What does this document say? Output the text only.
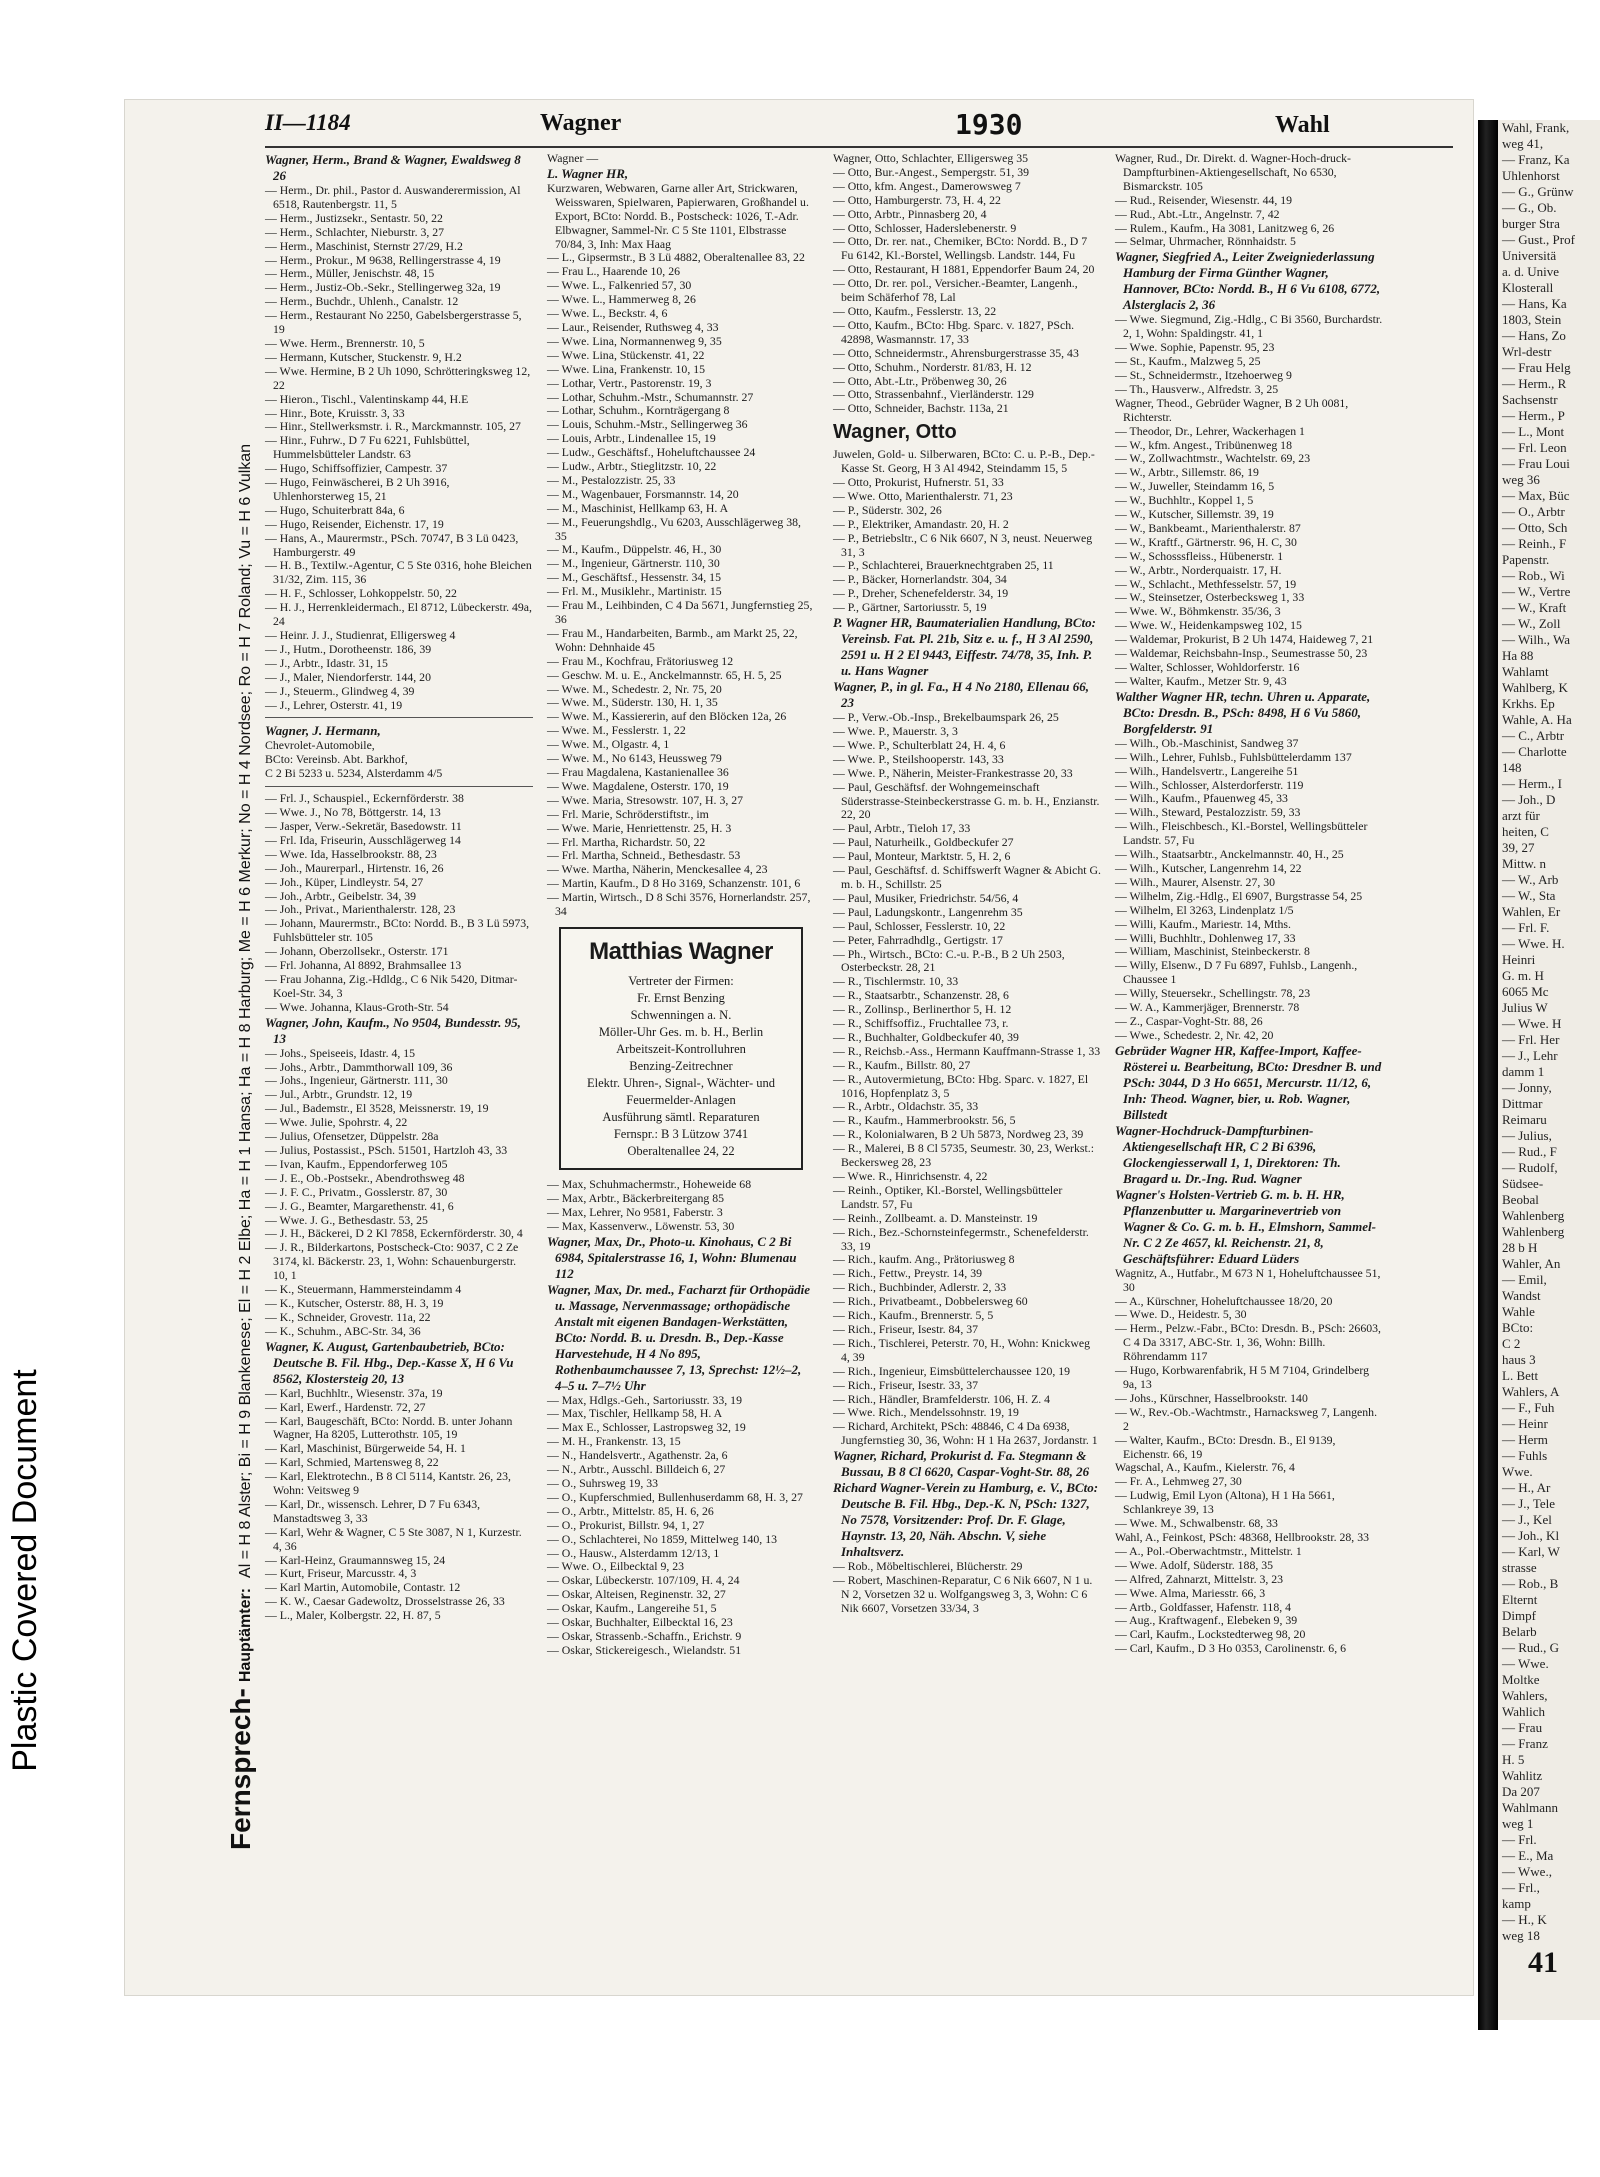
Plastic Covered Document
II—1184	Wagner	1930	Wahl
Fernsprech-Hauptämter:Al = H 8 Alster; Bi = H 9 Blankenese; El = H 2 Elbe; Ha = H 1 Hansa; Ha = H 8 Harburg; Me = H 6 Merkur; No = H 4 Nordsee; Ro = H 7 Roland; Vu = H 6 Vulkan

Wagner, Herm., Brand & Wagner, Ewaldsweg 8 26

— Herm., Dr. phil., Pastor d. Auswanderermission, Al 6518, Rautenbergstr. 11, 5

— Herm., Justizsekr., Sentastr. 50, 22

— Herm., Schlachter, Nieburstr. 3, 27

— Herm., Maschinist, Sternstr 27/29, H.2

— Herm., Prokur., M 9638, Rellingerstrasse 4, 19

— Herm., Müller, Jenischstr. 48, 15

— Herm., Justiz-Ob.-Sekr., Stellingerweg 32a, 19

— Herm., Buchdr., Uhlenh., Canalstr. 12

— Herm., Restaurant No 2250, Gabelsbergerstrasse 5, 19

— Wwe. Herm., Brennerstr. 10, 5

— Hermann, Kutscher, Stuckenstr. 9, H.2

— Wwe. Hermine, B 2 Uh 1090, Schrötteringksweg 12, 22

— Hieron., Tischl., Valentinskamp 44, H.E

— Hinr., Bote, Kruisstr. 3, 33

— Hinr., Stellwerksmstr. i. R., Marckmannstr. 105, 27

— Hinr., Fuhrw., D 7 Fu 6221, Fuhlsbüttel, Hummelsbütteler Landstr. 63

— Hugo, Schiffsoffizier, Campestr. 37

— Hugo, Feinwäscherei, B 2 Uh 3916, Uhlenhorsterweg 15, 21

— Hugo, Schuiterbratt 84a, 6

— Hugo, Reisender, Eichenstr. 17, 19

— Hans, A., Maurermstr., PSch. 70747, B 3 Lü 0423, Hamburgerstr. 49

— H. B., Textilw.-Agentur, C 5 Ste 0316, hohe Bleichen 31/32, Zim. 115, 36

— H. F., Schlosser, Lohkoppelstr. 50, 22

— H. J., Herrenkleidermach., El 8712, Lübeckerstr. 49a, 24

— Heinr. J. J., Studienrat, Elligersweg 4

— J., Hutm., Dorotheenstr. 186, 39

— J., Arbtr., Idastr. 31, 15

— J., Maler, Niendorferstr. 144, 20

— J., Steuerm., Glindweg 4, 39

— J., Lehrer, Osterstr. 41, 19

Wagner, J. Hermann,

Chevrolet-Automobile,

BCto: Vereinsb. Abt. Barkhof,

C 2 Bi 5233 u. 5234, Alsterdamm 4/5

— Frl. J., Schauspiel., Eckernförderstr. 38

— Wwe. J., No 78, Böttgerstr. 14, 13

— Jasper, Verw.-Sekretär, Basedowstr. 11

— Frl. Ida, Friseurin, Ausschlägerweg 14

— Wwe. Ida, Hasselbrookstr. 88, 23

— Joh., Maurerparl., Hirtenstr. 16, 26

— Joh., Küper, Lindleystr. 54, 27

— Joh., Arbtr., Geibelstr. 34, 39

— Joh., Privat., Marienthalerstr. 128, 23

— Johann, Maurermstr., BCto: Nordd. B., B 3 Lü 5973, Fuhlsbütteler str. 105

— Johann, Oberzollsekr., Osterstr. 171

— Frl. Johanna, Al 8892, Brahmsallee 13

— Frau Johanna, Zig.-Hdldg., C 6 Nik 5420, Ditmar-Koel-Str. 34, 3

— Wwe. Johanna, Klaus-Groth-Str. 54

Wagner, John, Kaufm., No 9504, Bundesstr. 95, 13

— Johs., Speiseeis, Idastr. 4, 15

— Johs., Arbtr., Dammthorwall 109, 36

— Johs., Ingenieur, Gärtnerstr. 111, 30

— Jul., Arbtr., Grundstr. 12, 19

— Jul., Bademstr., El 3528, Meissnerstr. 19, 19

— Wwe. Julie, Spohrstr. 4, 22

— Julius, Ofensetzer, Düppelstr. 28a

— Julius, Postassist., PSch. 51501, Hartzloh 43, 33

— Ivan, Kaufm., Eppendorferweg 105

— J. E., Ob.-Postsekr., Abendrothsweg 48

— J. F. C., Privatm., Gosslerstr. 87, 30

— J. G., Beamter, Margarethenstr. 41, 6

— Wwe. J. G., Bethesdastr. 53, 25

— J. H., Bäckerei, D 2 Kl 7858, Eckernförderstr. 30, 4

— J. R., Bilderkartons, Postscheck-Cto: 9037, C 2 Ze 3174, kl. Bäckerstr. 23, 1, Wohn: Schauenburgerstr. 10, 1

— K., Steuermann, Hammersteindamm 4

— K., Kutscher, Osterstr. 88, H. 3, 19

— K., Schneider, Grovestr. 11a, 22

— K., Schuhm., ABC-Str. 34, 36

Wagner, K. August, Gartenbaubetrieb, BCto: Deutsche B. Fil. Hbg., Dep.-Kasse X, H 6 Vu 8562, Klostersteig 20, 13

— Karl, Buchhltr., Wiesenstr. 37a, 19

— Karl, Ewerf., Hardenstr. 72, 27

— Karl, Baugeschäft, BCto: Nordd. B. unter Johann Wagner, Ha 8205, Lutterothstr. 105, 19

— Karl, Maschinist, Bürgerweide 54, H. 1

— Karl, Schmied, Martensweg 8, 22

— Karl, Elektrotechn., B 8 Cl 5114, Kantstr. 26, 23, Wohn: Veitsweg 9

— Karl, Dr., wissensch. Lehrer, D 7 Fu 6343, Manstadtsweg 3, 33

— Karl, Wehr & Wagner, C 5 Ste 3087, N 1, Kurzestr. 4, 36

— Karl-Heinz, Graumannsweg 15, 24

— Kurt, Friseur, Marcusstr. 4, 3

— Karl Martin, Automobile, Contastr. 12

— K. W., Caesar Gadewoltz, Drosselstrasse 26, 33

— L., Maler, Kolbergstr. 22, H. 87, 5

Wagner —

L. Wagner HR,

Kurzwaren, Webwaren, Garne aller Art, Strickwaren, Weisswaren, Spielwaren, Papierwaren, Großhandel u. Export, BCto: Nordd. B., Postscheck: 1026, T.-Adr. Elbwagner, Sammel-Nr. C 5 Ste 1101, Elbstrasse 70/84, 3, Inh: Max Haag

— L., Gipsermstr., B 3 Lü 4882, Oberaltenallee 83, 22

— Frau L., Haarende 10, 26

— Wwe. L., Falkenried 57, 30

— Wwe. L., Hammerweg 8, 26

— Wwe. L., Beckstr. 4, 6

— Laur., Reisender, Ruthsweg 4, 33

— Wwe. Lina, Normannenweg 9, 35

— Wwe. Lina, Stückenstr. 41, 22

— Wwe. Lina, Frankenstr. 10, 15

— Lothar, Vertr., Pastorenstr. 19, 3

— Lothar, Schuhm.-Mstr., Schumannstr. 27

— Lothar, Schuhm., Kornträgergang 8

— Louis, Schuhm.-Mstr., Sellingerweg 36

— Louis, Arbtr., Lindenallee 15, 19

— Ludw., Geschäftsf., Hoheluftchaussee 24

— Ludw., Arbtr., Stieglitzstr. 10, 22

— M., Pestalozzistr. 25, 33

— M., Wagenbauer, Forsmannstr. 14, 20

— M., Maschinist, Hellkamp 63, H. A

— M., Feuerungshdlg., Vu 6203, Ausschlägerweg 38, 35

— M., Kaufm., Düppelstr. 46, H., 30

— M., Ingenieur, Gärtnerstr. 110, 30

— M., Geschäftsf., Hessenstr. 34, 15

— Frl. M., Musiklehr., Martinistr. 15

— Frau M., Leihbinden, C 4 Da 5671, Jungfernstieg 25, 36

— Frau M., Handarbeiten, Barmb., am Markt 25, 22, Wohn: Dehnhaide 45

— Frau M., Kochfrau, Frätoriusweg 12

— Geschw. M. u. E., Anckelmannstr. 65, H. 5, 25

— Wwe. M., Schedestr. 2, Nr. 75, 20

— Wwe. M., Süderstr. 130, H. 1, 35

— Wwe. M., Kassiererin, auf den Blöcken 12a, 26

— Wwe. M., Fesslerstr. 1, 22

— Wwe. M., Olgastr. 4, 1

— Wwe. M., No 6143, Heussweg 79

— Frau Magdalena, Kastanienallee 36

— Wwe. Magdalene, Osterstr. 170, 19

— Wwe. Maria, Stresowstr. 107, H. 3, 27

— Frl. Marie, Schröderstiftstr., im

— Wwe. Marie, Henriettenstr. 25, H. 3

— Frl. Martha, Richardstr. 50, 22

— Frl. Martha, Schneid., Bethesdastr. 53

— Wwe. Martha, Näherin, Menckesallee 4, 23

— Martin, Kaufm., D 8 Ho 3169, Schanzenstr. 101, 6

— Martin, Wirtsch., D 8 Schi 3576, Hornerlandstr. 257, 34

Matthias Wagner
Vertreter der Firmen:
Fr. Ernst Benzing
Schwenningen a. N.
Möller-Uhr Ges. m. b. H., Berlin
Arbeitszeit-Kontrolluhren
Benzing-Zeitrechner
Elektr. Uhren-, Signal-, Wächter- und Feuermelder-Anlagen
Ausführung sämtl. Reparaturen
Fernspr.: B 3 Lützow 3741
Oberaltenallee 24, 22

— Max, Schuhmachermstr., Hoheweide 68

— Max, Arbtr., Bäckerbreitergang 85

— Max, Lehrer, No 9581, Faberstr. 3

— Max, Kassenverw., Löwenstr. 53, 30

Wagner, Max, Dr., Photo-u. Kinohaus, C 2 Bi 6984, Spitalerstrasse 16, 1, Wohn: Blumenau 112

Wagner, Max, Dr. med., Facharzt für Orthopädie u. Massage, Nervenmassage; orthopädische Anstalt mit eigenen Bandagen-Werkstätten, BCto: Nordd. B. u. Dresdn. B., Dep.-Kasse Harvestehude, H 4 No 895, Rothenbaumchaussee 7, 13, Sprechst: 12½–2, 4–5 u. 7–7½ Uhr

— Max, Hdlgs.-Geh., Sartoriusstr. 33, 19

— Max, Tischler, Hellkamp 58, H. A

— Max E., Schlosser, Lastropsweg 32, 19

— M. H., Frankenstr. 13, 15

— N., Handelsvertr., Agathenstr. 2a, 6

— N., Arbtr., Ausschl. Billdeich 6, 27

— O., Suhrsweg 19, 33

— O., Kupferschmied, Bullenhuserdamm 68, H. 3, 27

— O., Arbtr., Mittelstr. 85, H. 6, 26

— O., Prokurist, Billstr. 94, 1, 27

— O., Schlachterei, No 1859, Mittelweg 140, 13

— O., Hausw., Alsterdamm 12/13, 1

— Wwe. O., Eilbecktal 9, 23

— Oskar, Lübeckerstr. 107/109, H. 4, 24

— Oskar, Alteisen, Reginenstr. 32, 27

— Oskar, Kaufm., Langereihe 51, 5

— Oskar, Buchhalter, Eilbecktal 16, 23

— Oskar, Strassenb.-Schaffn., Erichstr. 9

— Oskar, Stickereigesch., Wielandstr. 51

Wagner, Otto, Schlachter, Elligersweg 35

— Otto, Bur.-Angest., Sempergstr. 51, 39

— Otto, kfm. Angest., Damerowsweg 7

— Otto, Hamburgerstr. 73, H. 4, 22

— Otto, Arbtr., Pinnasberg 20, 4

— Otto, Schlosser, Haderslebenerstr. 9

— Otto, Dr. rer. nat., Chemiker, BCto: Nordd. B., D 7 Fu 6142, Kl.-Borstel, Wellingsb. Landstr. 144, Fu

— Otto, Restaurant, H 1881, Eppendorfer Baum 24, 20

— Otto, Dr. rer. pol., Versicher.-Beamter, Langenh., beim Schäferhof 78, Lal

— Otto, Kaufm., Fesslerstr. 13, 22

— Otto, Kaufm., BCto: Hbg. Sparc. v. 1827, PSch. 42898, Wasmannstr. 17, 33

— Otto, Schneidermstr., Ahrensburgerstrasse 35, 43

— Otto, Schuhm., Norderstr. 81/83, H. 12

— Otto, Abt.-Ltr., Pröbenweg 30, 26

— Otto, Strassenbahnf., Vierländerstr. 129

— Otto, Schneider, Bachstr. 113a, 21

Wagner, Otto

Juwelen, Gold- u. Silberwaren, BCto: C. u. P.-B., Dep.-Kasse St. Georg, H 3 Al 4942, Steindamm 15, 5

— Otto, Prokurist, Hufnerstr. 51, 33

— Wwe. Otto, Marienthalerstr. 71, 23

— P., Süderstr. 302, 26

— P., Elektriker, Amandastr. 20, H. 2

— P., Betriebsltr., C 6 Nik 6607, N 3, neust. Neuerweg 31, 3

— P., Schlachterei, Brauerknechtgraben 25, 11

— P., Bäcker, Hornerlandstr. 304, 34

— P., Dreher, Schenefelderstr. 34, 19

— P., Gärtner, Sartoriusstr. 5, 19

P. Wagner HR, Baumaterialien Handlung, BCto: Vereinsb. Fat. Pl. 21b, Sitz e. u. f., H 3 Al 2590, 2591 u. H 2 El 9443, Eiffestr. 74/78, 35, Inh. P. u. Hans Wagner

Wagner, P., in gl. Fa., H 4 No 2180, Ellenau 66, 23

— P., Verw.-Ob.-Insp., Brekelbaumspark 26, 25

— Wwe. P., Mauerstr. 3, 3

— Wwe. P., Schulterblatt 24, H. 4, 6

— Wwe. P., Steilshooperstr. 143, 33

— Wwe. P., Näherin, Meister-Frankestrasse 20, 33

— Paul, Geschäftsf. der Wohngemeinschaft Süderstrasse-Steinbeckerstrasse G. m. b. H., Enzianstr. 22, 20

— Paul, Arbtr., Tieloh 17, 33

— Paul, Naturheilk., Goldbeckufer 27

— Paul, Monteur, Marktstr. 5, H. 2, 6

— Paul, Geschäftsf. d. Schiffswerft Wagner & Abicht G. m. b. H., Schillstr. 25

— Paul, Musiker, Friedrichstr. 54/56, 4

— Paul, Ladungskontr., Langenrehm 35

— Paul, Schlosser, Fesslerstr. 10, 22

— Peter, Fahrradhdlg., Gertigstr. 17

— Ph., Wirtsch., BCto: C.-u. P.-B., B 2 Uh 2503, Osterbeckstr. 28, 21

— R., Tischlermstr. 10, 33

— R., Staatsarbtr., Schanzenstr. 28, 6

— R., Zollinsp., Berlinerthor 5, H. 12

— R., Schiffsoffiz., Fruchtallee 73, r.

— R., Buchhalter, Goldbeckufer 40, 39

— R., Reichsb.-Ass., Hermann Kauffmann-Strasse 1, 33

— R., Kaufm., Billstr. 80, 27

— R., Autovermietung, BCto: Hbg. Sparc. v. 1827, El 1016, Hopfenplatz 3, 5

— R., Arbtr., Oldachstr. 35, 33

— R., Kaufm., Hammerbrookstr. 56, 5

— R., Kolonialwaren, B 2 Uh 5873, Nordweg 23, 39

— R., Malerei, B 8 Cl 5735, Seumestr. 30, 23, Werkst.: Beckersweg 28, 23

— Wwe. R., Hinrichsenstr. 4, 22

— Reinh., Optiker, Kl.-Borstel, Wellingsbütteler Landstr. 57, Fu

— Reinh., Zollbeamt. a. D. Mansteinstr. 19

— Rich., Bez.-Schornsteinfegermstr., Schenefelderstr. 33, 19

— Rich., kaufm. Ang., Prätoriusweg 8

— Rich., Fettw., Preystr. 14, 39

— Rich., Buchbinder, Adlerstr. 2, 33

— Rich., Privatbeamt., Dobbelersweg 60

— Rich., Kaufm., Brennerstr. 5, 5

— Rich., Friseur, Isestr. 84, 37

— Rich., Tischlerei, Peterstr. 70, H., Wohn: Knickweg 4, 39

— Rich., Ingenieur, Eimsbüttelerchaussee 120, 19

— Rich., Friseur, Isestr. 33, 37

— Rich., Händler, Bramfelderstr. 106, H. Z. 4

— Wwe. Rich., Mendelssohnstr. 19, 19

— Richard, Architekt, PSch: 48846, C 4 Da 6938, Jungfernstieg 30, 36, Wohn: H 1 Ha 2637, Jordanstr. 1

Wagner, Richard, Prokurist d. Fa. Stegmann & Bussau, B 8 Cl 6620, Caspar-Voght-Str. 88, 26

Richard Wagner-Verein zu Hamburg, e. V., BCto: Deutsche B. Fil. Hbg., Dep.-K. N, PSch: 1327, No 7578, Vorsitzender: Prof. Dr. F. Glage, Haynstr. 13, 20, Näh. Abschn. V, siehe Inhaltsverz.

— Rob., Möbeltischlerei, Blücherstr. 29

— Robert, Maschinen-Reparatur, C 6 Nik 6607, N 1 u. N 2, Vorsetzen 32 u. Wolfgangsweg 3, 3, Wohn: C 6 Nik 6607, Vorsetzen 33/34, 3

Wagner, Rud., Dr. Direkt. d. Wagner-Hoch-druck-Dampfturbinen-Aktiengesellschaft, No 6530, Bismarckstr. 105

— Rud., Reisender, Wiesenstr. 44, 19

— Rud., Abt.-Ltr., Angelnstr. 7, 42

— Rulem., Kaufm., Ha 3081, Lanitzweg 6, 26

— Selmar, Uhrmacher, Rönnhaidstr. 5

Wagner, Siegfried A., Leiter Zweigniederlassung Hamburg der Firma Günther Wagner, Hannover, BCto: Nordd. B., H 6 Vu 6108, 6772, Alsterglacis 2, 36

— Wwe. Siegmund, Zig.-Hdlg., C Bi 3560, Burchardstr. 2, 1, Wohn: Spaldingstr. 41, 1

— Wwe. Sophie, Papenstr. 95, 23

— St., Kaufm., Malzweg 5, 25

— St., Schneidermstr., Itzehoerweg 9

— Th., Hausverw., Alfredstr. 3, 25

Wagner, Theod., Gebrüder Wagner, B 2 Uh 0081, Richterstr.

— Theodor, Dr., Lehrer, Wackerhagen 1

— W., kfm. Angest., Tribünenweg 18

— W., Zollwachtmstr., Wachtelstr. 69, 23

— W., Arbtr., Sillemstr. 86, 19

— W., Juweller, Steindamm 16, 5

— W., Buchhltr., Koppel 1, 5

— W., Kutscher, Sillemstr. 39, 19

— W., Bankbeamt., Marienthalerstr. 87

— W., Kraftf., Gärtnerstr. 96, H. C, 30

— W., Schosssfleiss., Hübenerstr. 1

— W., Arbtr., Norderquaistr. 17, H.

— W., Schlacht., Methfesselstr. 57, 19

— W., Steinsetzer, Osterbecksweg 1, 33

— Wwe. W., Böhmkenstr. 35/36, 3

— Wwe. W., Heidenkampsweg 102, 15

— Waldemar, Prokurist, B 2 Uh 1474, Haideweg 7, 21

— Waldemar, Reichsbahn-Insp., Seumestrasse 50, 23

— Walter, Schlosser, Wohldorferstr. 16

— Walter, Kaufm., Metzer Str. 9, 43

Walther Wagner HR, techn. Uhren u. Apparate, BCto: Dresdn. B., PSch: 8498, H 6 Vu 5860, Borgfelderstr. 91

— Wilh., Ob.-Maschinist, Sandweg 37

— Wilh., Lehrer, Fuhlsb., Fuhlsbüttelerdamm 137

— Wilh., Handelsvertr., Langereihe 51

— Wilh., Schlosser, Alsterdorferstr. 119

— Wilh., Kaufm., Pfauenweg 45, 33

— Wilh., Steward, Pestalozzistr. 59, 33

— Wilh., Fleischbesch., Kl.-Borstel, Wellingsbütteler Landstr. 57, Fu

— Wilh., Staatsarbtr., Anckelmannstr. 40, H., 25

— Wilh., Kutscher, Langenrehm 14, 22

— Wilh., Maurer, Alsenstr. 27, 30

— Wilhelm, Zig.-Hdlg., El 6907, Burgstrasse 54, 25

— Wilhelm, El 3263, Lindenplatz 1/5

— Willi, Kaufm., Mariestr. 14, Mths.

— Willi, Buchhltr., Dohlenweg 17, 33

— William, Maschinist, Steinbeckerstr. 8

— Willy, Elsenw., D 7 Fu 6897, Fuhlsb., Langenh., Chaussee 1

— Willy, Steuersekr., Schellingstr. 78, 23

— W. A., Kammerjäger, Brennerstr. 78

— Z., Caspar-Voght-Str. 88, 26

— Wwe., Schedestr. 2, Nr. 42, 20

Gebrüder Wagner HR, Kaffee-Import, Kaffee-Rösterei u. Bearbeitung, BCto: Dresdner B. und PSch: 3044, D 3 Ho 6651, Mercurstr. 11/12, 6, Inh: Theod. Wagner, bier, u. Rob. Wagner, Billstedt

Wagner-Hochdruck-Dampfturbinen-Aktiengesellschaft HR, C 2 Bi 6396, Glockengiesserwall 1, 1, Direktoren: Th. Bragard u. Dr.-Ing. Rud. Wagner

Wagner's Holsten-Vertrieb G. m. b. H. HR, Pflanzenbutter u. Margarinevertrieb von Wagner & Co. G. m. b. H., Elmshorn, Sammel-Nr. C 2 Ze 4657, kl. Reichenstr. 21, 8, Geschäftsführer: Eduard Lüders

Wagnitz, A., Hutfabr., M 673 N 1, Hoheluftchaussee 51, 30

— A., Kürschner, Hoheluftchaussee 18/20, 20

— Wwe. D., Heidestr. 5, 30

— Herm., Pelzw.-Fabr., BCto: Dresdn. B., PSch: 26603, C 4 Da 3317, ABC-Str. 1, 36, Wohn: Billh. Röhrendamm 117

— Hugo, Korbwarenfabrik, H 5 M 7104, Grindelberg 9a, 13

— Johs., Kürschner, Hasselbrookstr. 140

— W., Rev.-Ob.-Wachtmstr., Harnacksweg 7, Langenh. 2

— Walter, Kaufm., BCto: Dresdn. B., El 9139, Eichenstr. 66, 19

Wagschal, A., Kaufm., Kielerstr. 76, 4

— Fr. A., Lehmweg 27, 30

— Ludwig, Emil Lyon (Altona), H 1 Ha 5661, Schlankreye 39, 13

— Wwe. M., Schwalbenstr. 68, 33

Wahl, A., Feinkost, PSch: 48368, Hellbrookstr. 28, 33

— A., Pol.-Oberwachtmstr., Mittelstr. 1

— Wwe. Adolf, Süderstr. 188, 35

— Alfred, Zahnarzt, Mittelstr. 3, 23

— Wwe. Alma, Mariesstr. 66, 3

— Artb., Goldfasser, Hafenstr. 118, 4

— Aug., Kraftwagenf., Elebeken 9, 39

— Carl, Kaufm., Lockstedterweg 98, 20

— Carl, Kaufm., D 3 Ho 0353, Carolinenstr. 6, 6

Wahl, Frank,
weg 41,
— Franz, Ka
Uhlenhorst
— G., Grünw
— G., Ob.
burger Stra
— Gust., Prof
Universitä
a. d. Unive
Klosterall
— Hans, Ka
1803, Stein
— Hans, Zo
Wrl-destr
— Frau Helg
— Herm., R
Sachsenstr
— Herm., P
— L., Mont
— Frl. Leon
— Frau Loui
weg 36
— Max, Büc
— O., Arbtr
— Otto, Sch
— Reinh., F
Papenstr.
— Rob., Wi
— W., Vertre
— W., Kraft
— W., Zoll
— Wilh., Wa
Ha 88
Wahlamt
Wahlberg, K
Krkhs. Ep
Wahle, A. Ha
— C., Arbtr
— Charlotte
148
— Herm., I
— Joh., D
arzt für
heiten, C
39, 27
Mittw. n
— W., Arb
— W., Sta
Wahlen, Er
— Frl. F.
— Wwe. H.
Heinri
G. m. H
6065 Mc
Julius W
— Wwe. H
— Frl. Her
— J., Lehr
damm 1
— Jonny,
Dittmar
Reimaru
— Julius,
— Rud., F
— Rudolf,
Südsee-
Beobal
Wahlenberg
Wahlenberg
28 b H
Wahler, An
— Emil,
Wandst
Wahle
BCto:
C 2
haus 3
L. Bett
Wahlers, A
— F., Fuh
— Heinr
— Herm
— Fuhls
Wwe.
— H., Ar
— J., Tele
— J., Kel
— Joh., Kl
— Karl, W
strasse
— Rob., B
Elternt
Dimpf
Belarb
— Rud., G
— Wwe.
Moltke
Wahlers,
Wahlich
— Frau
— Franz
H. 5
Wahlitz
Da 207
Wahlmann
weg 1
— Frl.
— E., Ma
— Wwe.,
— Frl.,
kamp
— H., K
weg 18
41
